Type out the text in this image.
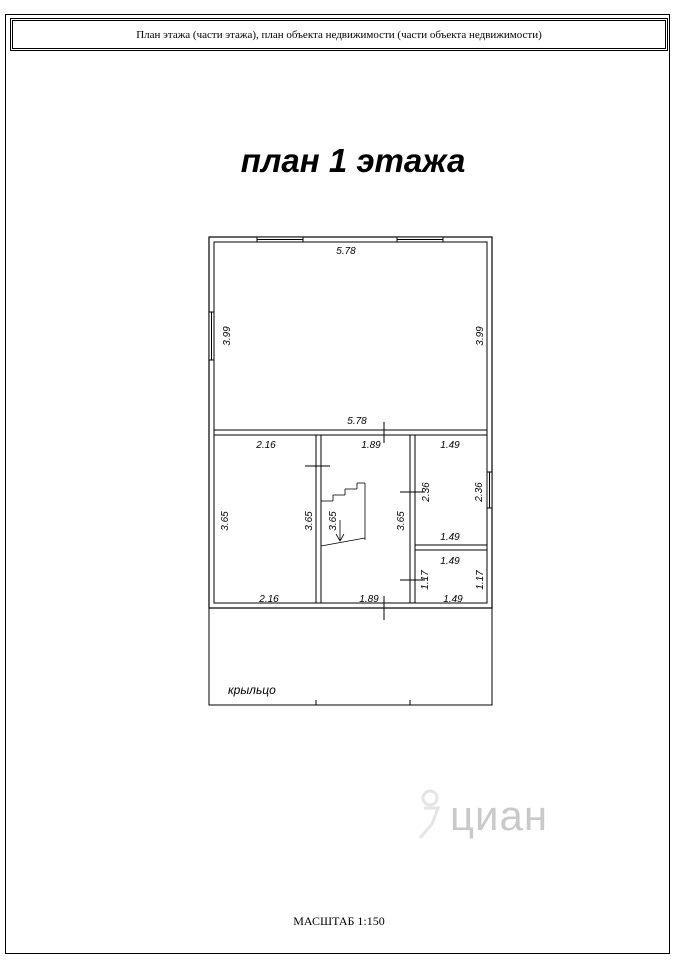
План этажа (части этажа), план объекта недвижимости (части объекта недвижимости)
план 1 этажа
5.78
3.99	3.99
5.78
2.16
3.65	3.65
2.16
1.89
3.65	3.65
1.89
1.49
2.36	2.36
1.49
1.49
1.17	1.17
1.49
крыльцо
циан
МАСШТАБ 1:150
